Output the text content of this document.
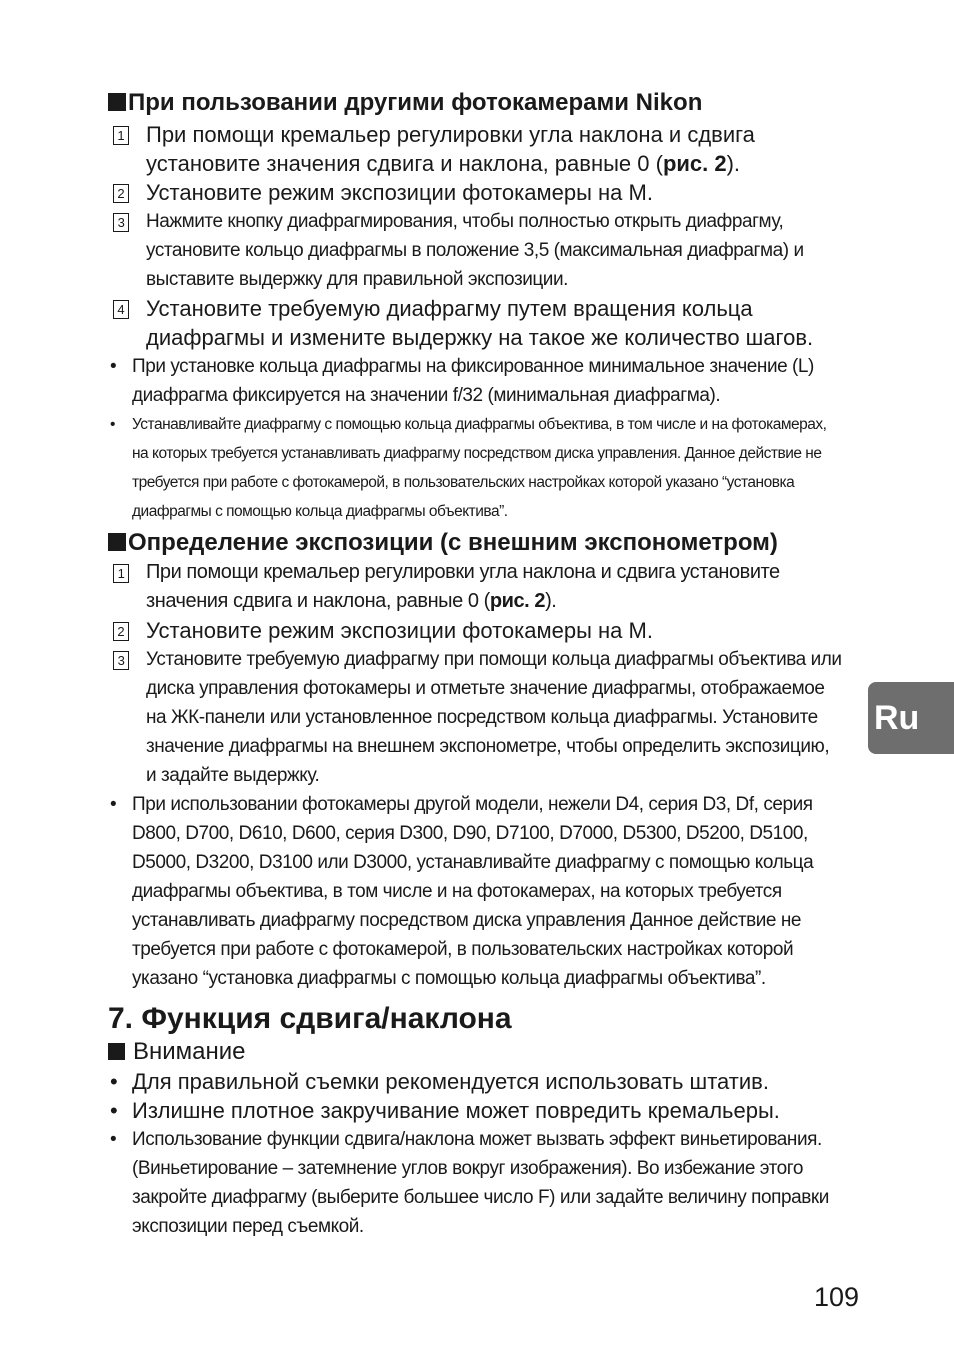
При пользовании другими фотокамерами Nikon
1 При помощи кремальер регулировки угла наклона и сдвига установите значения сдвига и наклона, равные 0 (рис. 2).
2 Установите режим экспозиции фотокамеры на M.
3 Нажмите кнопку диафрагмирования, чтобы полностью открыть диафрагму, установите кольцо диафрагмы в положение 3,5 (максимальная диафрагма) и выставите выдержку для правильной экспозиции.
4 Установите требуемую диафрагму путем вращения кольца диафрагмы и измените выдержку на такое же количество шагов.
• При установке кольца диафрагмы на фиксированное минимальное значение (L) диафрагма фиксируется на значении f/32 (минимальная диафрагма).
• Устанавливайте диафрагму с помощью кольца диафрагмы объектива, в том числе и на фотокамерах, на которых требуется устанавливать диафрагму посредством диска управления. Данное действие не требуется при работе с фотокамерой, в пользовательских настройках которой указано “установка диафрагмы с помощью кольца диафрагмы объектива”.
Определение экспозиции (с внешним экспонометром)
1 При помощи кремальер регулировки угла наклона и сдвига установите значения сдвига и наклона, равные 0 (рис. 2).
2 Установите режим экспозиции фотокамеры на M.
3 Установите требуемую диафрагму при помощи кольца диафрагмы объектива или диска управления фотокамеры и отметьте значение диафрагмы, отображаемое на ЖК-панели или установленное посредством кольца диафрагмы. Установите значение диафрагмы на внешнем экспонометре, чтобы определить экспозицию, и задайте выдержку.
• При использовании фотокамеры другой модели, нежели D4, серия D3, Df, серия D800, D700, D610, D600, серия D300, D90, D7100, D7000, D5300, D5200, D5100, D5000, D3200, D3100 или D3000, устанавливайте диафрагму с помощью кольца диафрагмы объектива, в том числе и на фотокамерах, на которых требуется устанавливать диафрагму посредством диска управления Данное действие не требуется при работе с фотокамерой, в пользовательских настройках которой указано “установка диафрагмы с помощью кольца диафрагмы объектива”.
7. Функция сдвига/наклона
Внимание
• Для правильной съемки рекомендуется использовать штатив.
• Излишне плотное закручивание может повредить кремальеры.
• Использование функции сдвига/наклона может вызвать эффект виньетирования. (Виньетирование – затемнение углов вокруг изображения). Во избежание этого закройте диафрагму (выберите большее число F) или задайте величину поправки экспозиции перед съемкой.
Ru
109
